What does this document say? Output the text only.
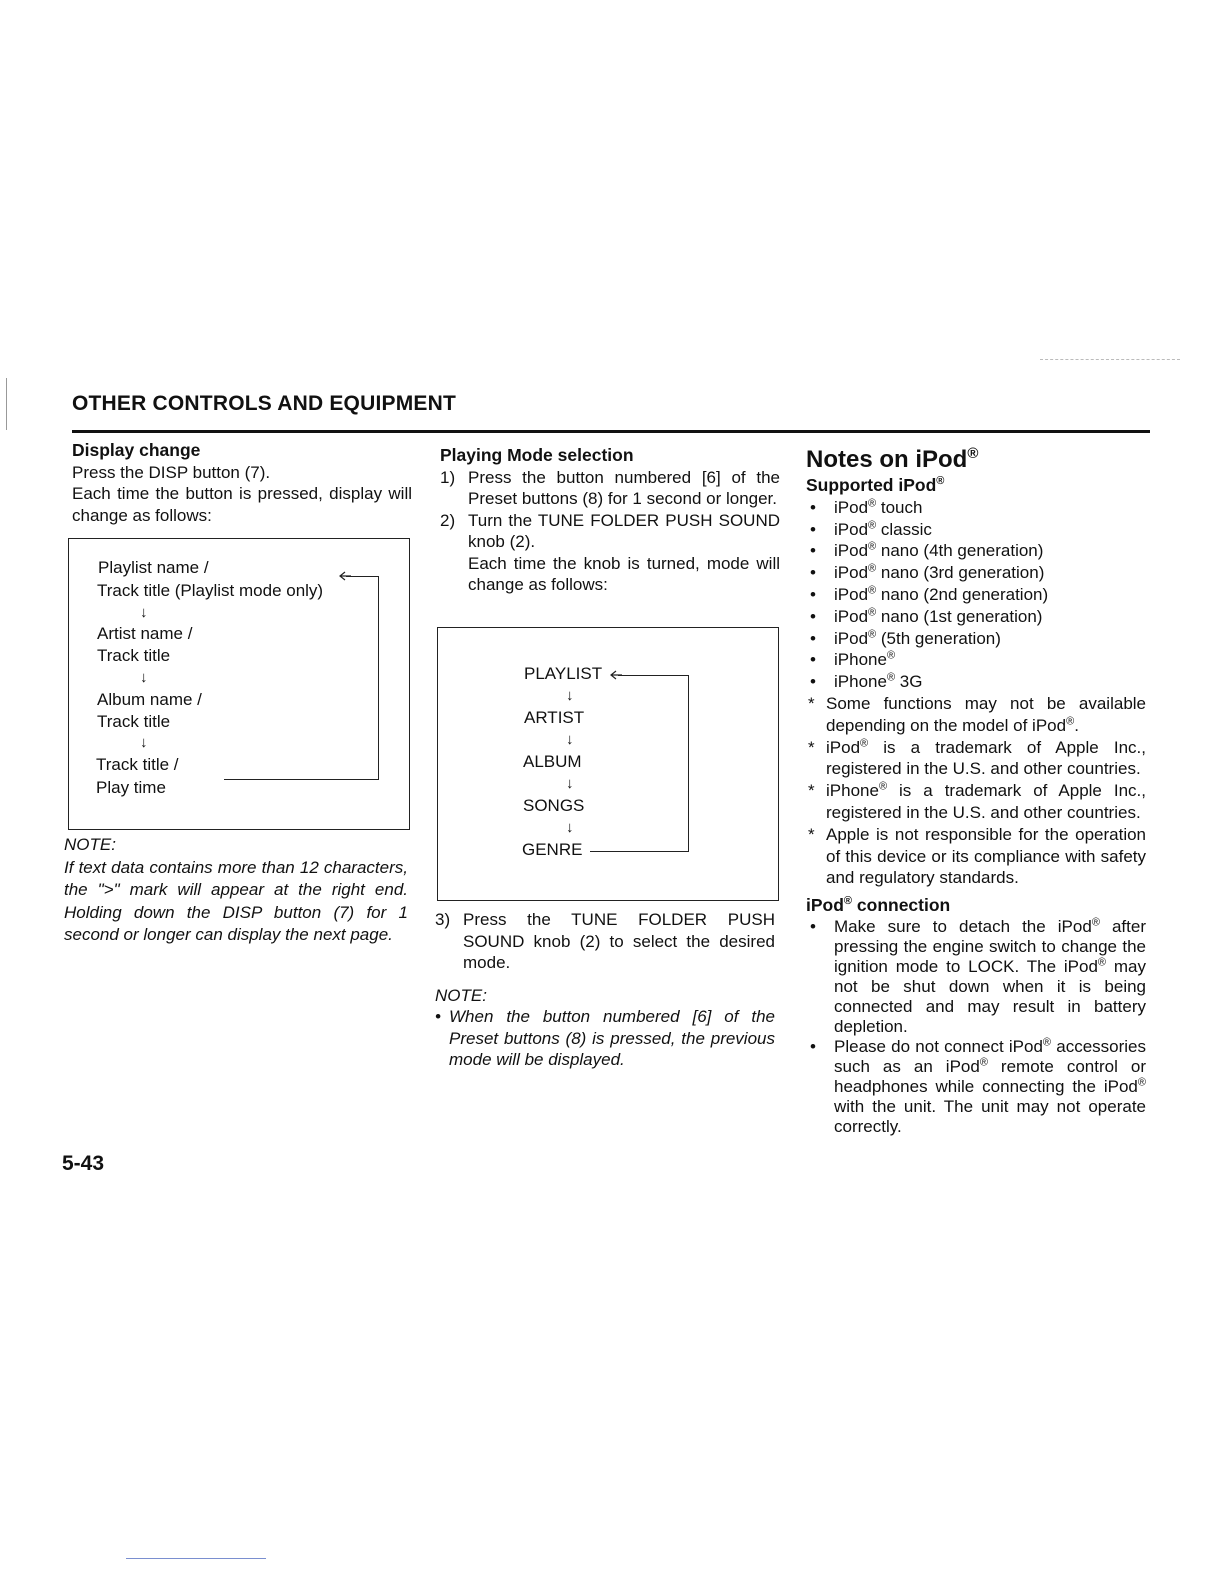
OTHER CONTROLS AND EQUIPMENT
Display change
Press the DISP button (7).
Each time the button is pressed, display will change as follows:
Playlist name /
Track title (Playlist mode only)
↓
Artist name /
Track title
↓
Album name /
Track title
↓
Track title /
Play time
NOTE:
If text data contains more than 12 characters, the ">" mark will appear at the right end. Holding down the DISP button (7) for 1 second or longer can display the next page.
Playing Mode selection
1) Press the button numbered [6] of the Preset buttons (8) for 1 second or longer.
2) Turn the TUNE FOLDER PUSH SOUND knob (2).
Each time the knob is turned, mode will change as follows:
PLAYLIST
↓
ARTIST
↓
ALBUM
↓
SONGS
↓
GENRE
3) Press the TUNE FOLDER PUSH SOUND knob (2) to select the desired mode.
NOTE:
• When the button numbered [6] of the Preset buttons (8) is pressed, the previous mode will be displayed.
Notes on iPod®
Supported iPod®
• iPod® touch
• iPod® classic
• iPod® nano (4th generation)
• iPod® nano (3rd generation)
• iPod® nano (2nd generation)
• iPod® nano (1st generation)
• iPod® (5th generation)
• iPhone®
• iPhone® 3G
* Some functions may not be available depending on the model of iPod®.
* iPod® is a trademark of Apple Inc., registered in the U.S. and other countries.
* iPhone® is a trademark of Apple Inc., registered in the U.S. and other countries.
* Apple is not responsible for the operation of this device or its compliance with safety and regulatory standards.
iPod® connection
• Make sure to detach the iPod® after pressing the engine switch to change the ignition mode to LOCK. The iPod® may not be shut down when it is being connected and may result in battery depletion.
• Please do not connect iPod® accessories such as an iPod® remote control or headphones while connecting the iPod® with the unit. The unit may not operate correctly.
5-43
